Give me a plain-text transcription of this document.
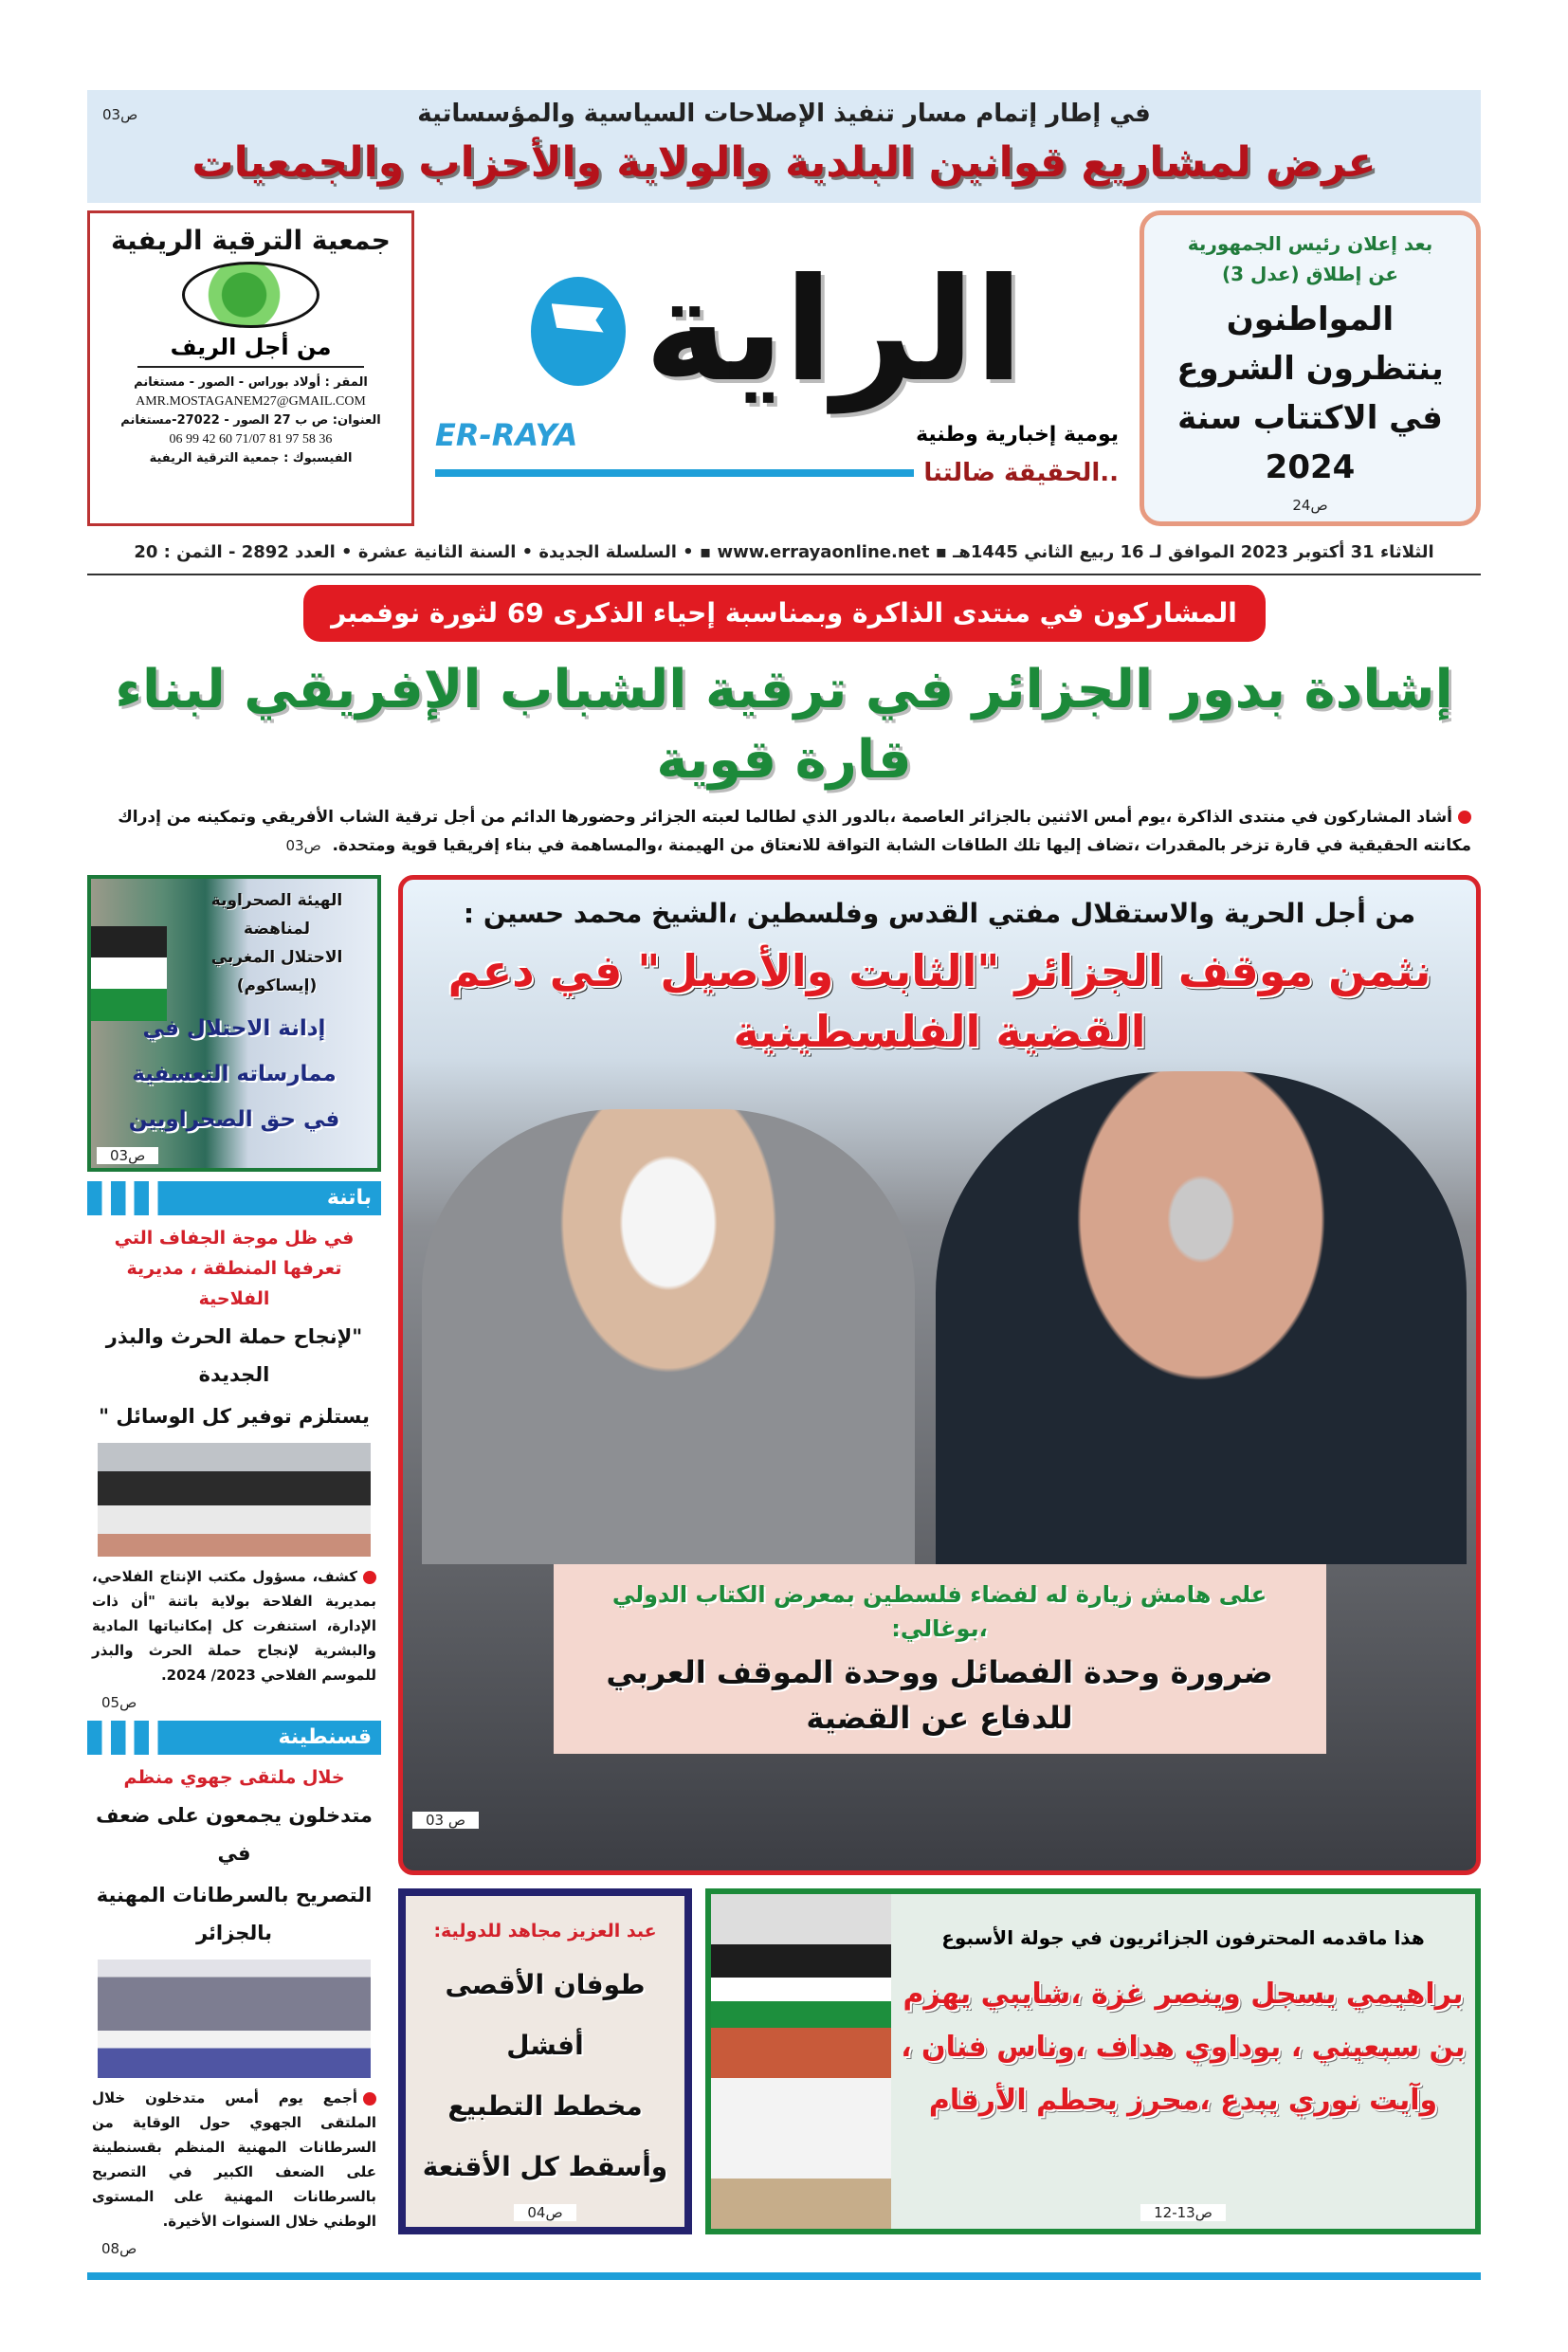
في إطار إتمام مسار تنفيذ الإصلاحات السياسية والمؤسساتية
ص03
عرض لمشاريع قوانين البلدية والولاية والأحزاب والجمعيات
بعد إعلان رئيس الجمهورية
عن إطلاق (عدل 3)
المواطنون ينتظرون الشروع في الاكتتاب سنة 2024
ص24
الراية
يومية إخبارية وطنية
ER-RAYA
..الحقيقة ضالتنا
جمعية الترقية الريفية
من أجل الريف
المقر : أولاد بوراس - الصور - مستغانم
AMR.MOSTAGANEM27@GMAIL.COM
العنوان: ص ب 27 الصور - 27022-مستغانم
06 99 42 60 71/07 81 97 58 36
الفيسبوك : جمعية الترقية الريفية
الثلاثاء 31 أكتوبر 2023 الموافق لـ 16 ربيع الثاني 1445هـ ▪ www.errayaonline.net ▪ • السلسلة الجديدة • السنة الثانية عشرة • العدد 2892 - الثمن : 20
المشاركون في منتدى الذاكرة وبمناسبة إحياء الذكرى 69 لثورة نوفمبر
إشادة بدور الجزائر في ترقية الشباب الإفريقي لبناء قارة قوية
أشاد المشاركون في منتدى الذاكرة ،يوم أمس الاثنين بالجزائر العاصمة ،بالدور الذي لطالما لعبته الجزائر وحضورها الدائم من أجل ترقية الشاب الأفريقي وتمكينه من إدراك مكانته الحقيقية في قارة تزخر بالمقدرات ،تضاف إليها تلك الطاقات الشابة التواقة للانعتاق من الهيمنة ،والمساهمة في بناء إفريقيا قوية ومتحدة.  ص03
من أجل الحرية والاستقلال مفتي القدس وفلسطين ،الشيخ محمد حسين :
نثمن موقف الجزائر "الثابت والأصيل" في دعم القضية الفلسطينية
على هامش زيارة له لفضاء فلسطين بمعرض الكتاب الدولي ،بوغالي:
ضرورة وحدة الفصائل ووحدة الموقف العربي للدفاع عن القضية
ص 03
هذا ماقدمه المحترفون الجزائريون في جولة الأسبوع
براهيمي يسجل وينصر غزة ،شايبي يهزم
بن سبعيني ، بوداوي هداف ،وناس فنان ،
وآيت نوري يبدع ،محرز يحطم الأرقام
ص13-12
عبد العزيز مجاهد للدولية:
طوفان الأقصى أفشل
مخطط التطبيع
وأسقط كل الأقنعة
ص04
الهيئة الصحراوية
لمناهضة
الاحتلال المغربي
(إيساكوم)
إدانة الاحتلال في
ممارساته التعسفية
في حق الصحراويين
ص03
باتنة
في ظل موجة الجفاف التي تعرفها المنطقة ، مديرية الفلاحية
"لإنجاح حملة الحرث والبذر الجديدة
يستلزم توفير كل الوسائل "
كشف، مسؤول مكتب الإنتاج الفلاحي، بمديرية الفلاحة بولاية باتنة "أن ذات الإدارة، استنفرت كل إمكانياتها المادية والبشرية لإنجاح حملة الحرث والبذر للموسم الفلاحي 2023/ 2024.
ص05
قسنطينة
خلال ملتقى جهوي منظم
متدخلون يجمعون على ضعف في
التصريح بالسرطانات المهنية بالجزائر
أجمع يوم أمس متدخلون خلال الملتقى الجهوي حول الوقاية من السرطانات المهنية المنظم بقسنطينة على الضعف الكبير في التصريح بالسرطانات المهنية على المستوى الوطني خلال السنوات الأخيرة.
ص08
